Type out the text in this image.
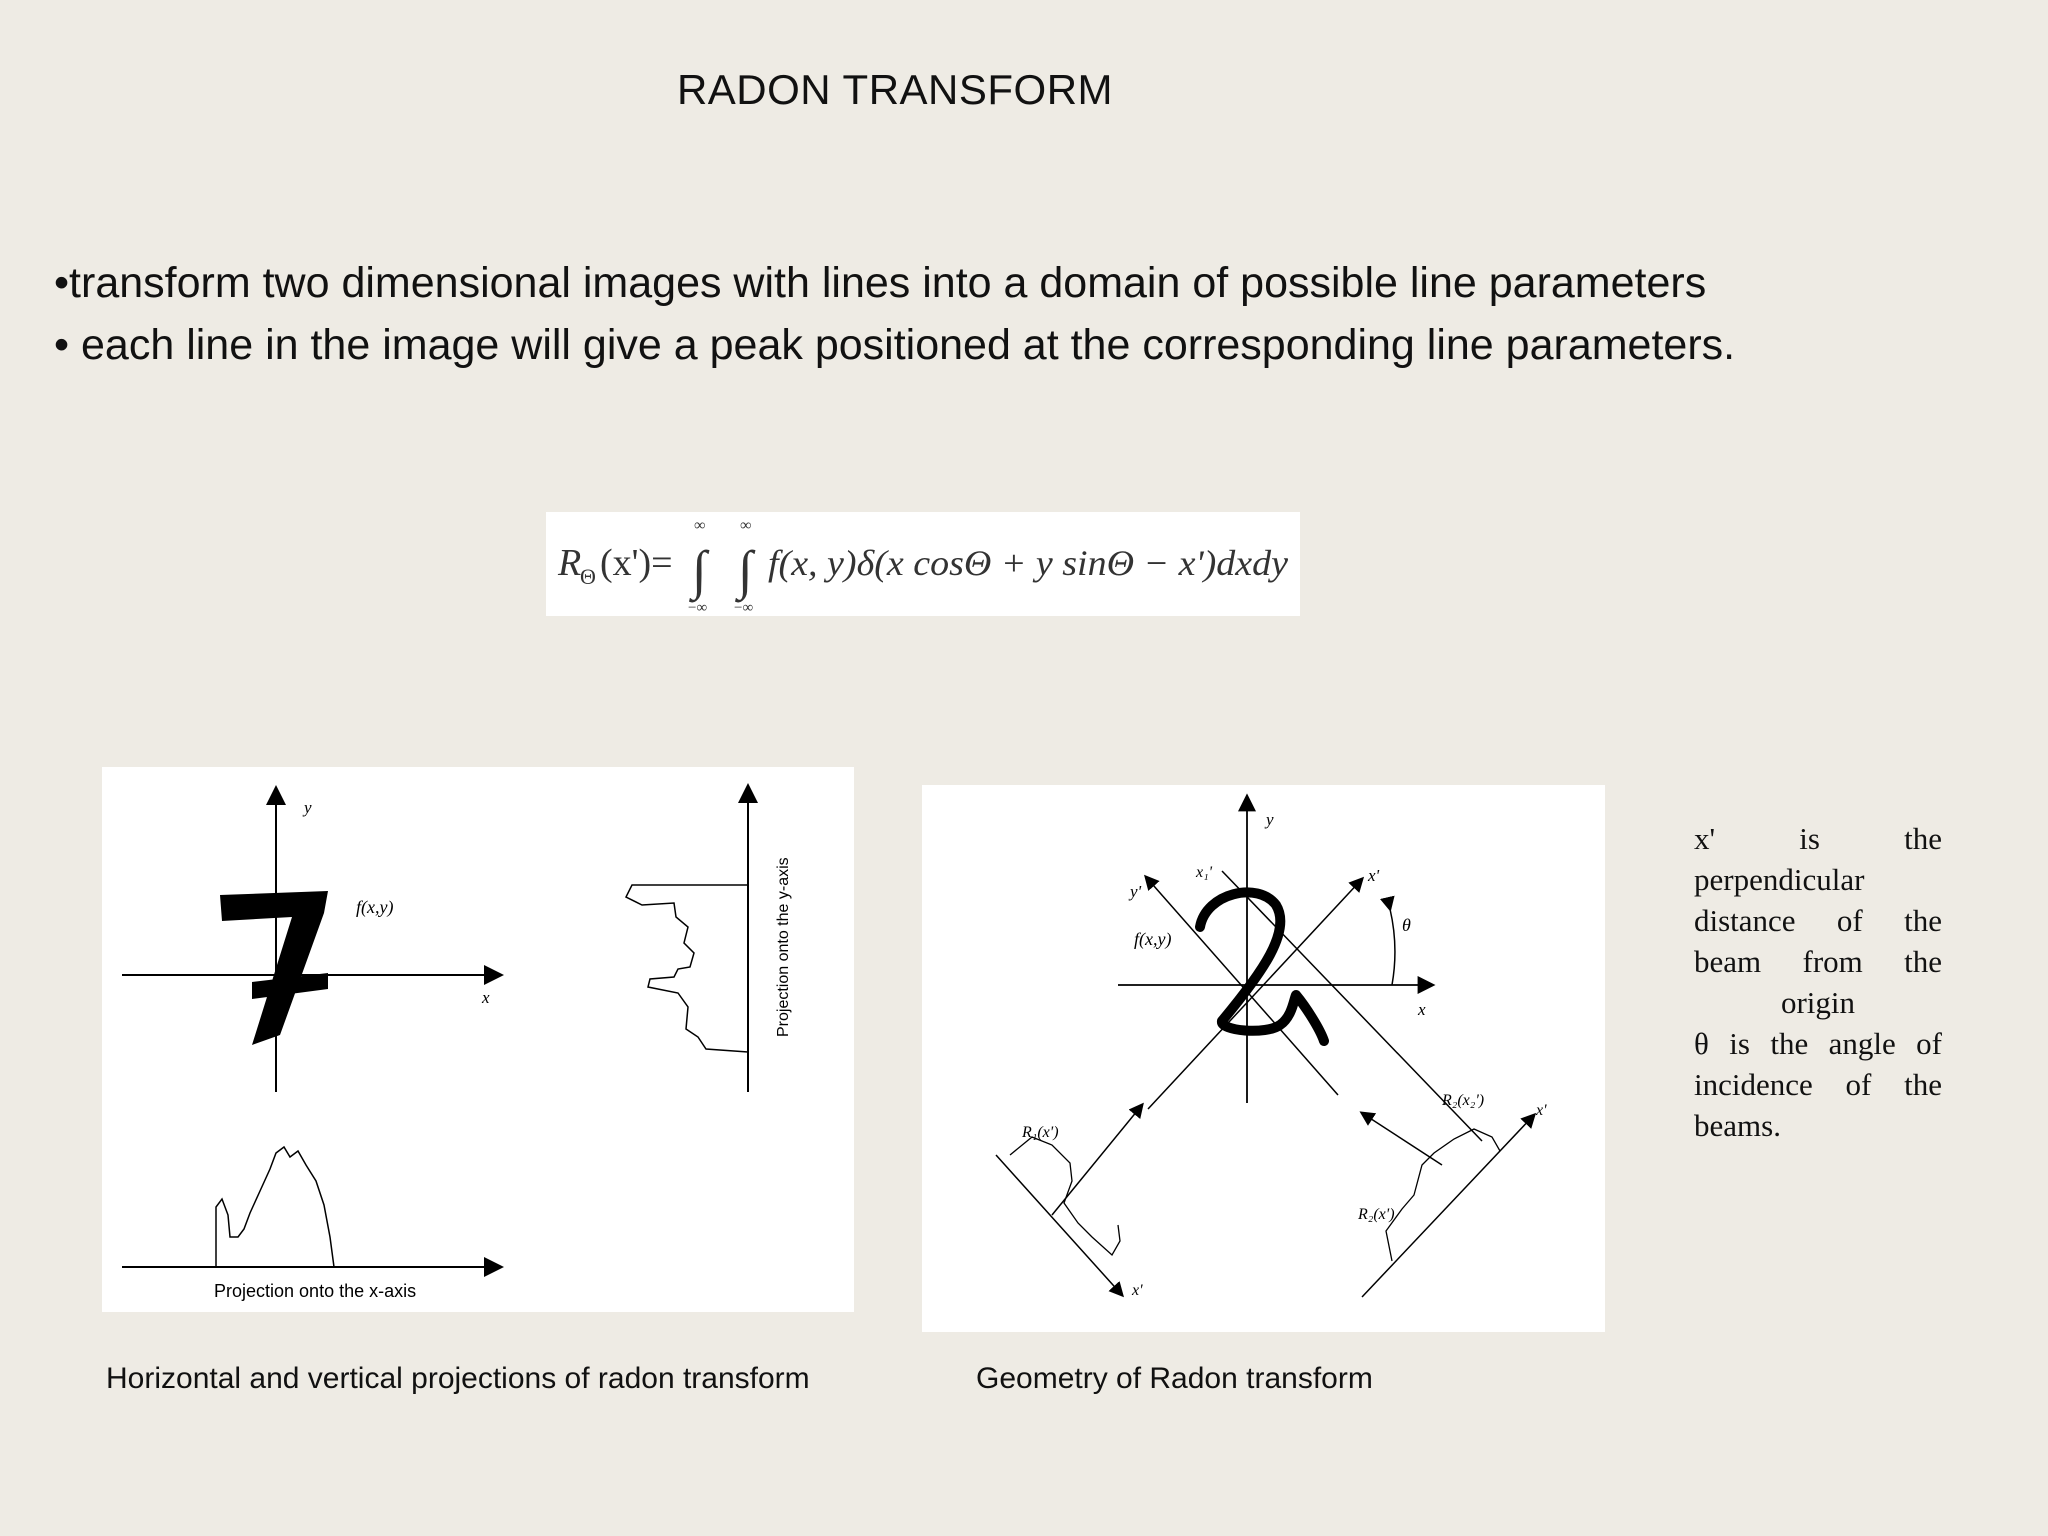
RADON TRANSFORM
•transform two dimensional images with lines into a domain of possible line parameters
• each line in the image will give a peak positioned at the corresponding line parameters.
R
Θ (x')= ∫ ∫
∞ ∞
−∞ −∞
f(x, y)δ(x cosΘ + y sinΘ − x')dxdy
y
x
f(x,y)	Projection onto the y-axis
Projection onto the x-axis
y
x
x'
y'
x₁'
θ
f(x,y)
R₁(x')
x'
R₂(x₂')
R₂(x')
x'
Horizontal and vertical projections of radon transform	Geometry of Radon transform

x' is the

perpendicular

distance of the

beam from the

origin

θ is the angle of

incidence of the

beams.
